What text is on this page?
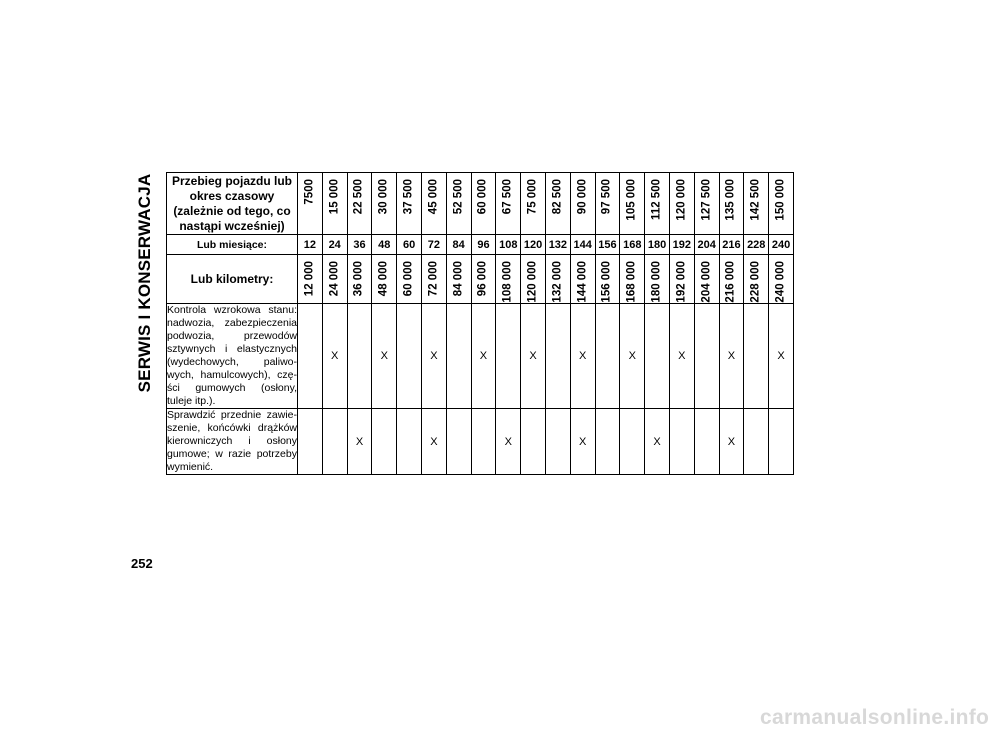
SERWIS I KONSERWACJA Przebieg pojazdu lub okres czasowy (zależnie od tego, co nastąpi wcześniej)	7500	15 000	22 500	30 000	37 500	45 000	52 500	60 000	67 500	75 000	82 500	90 000	97 500	105 000	112 500	120 000	127 500	135 000	142 500	150 000

Lub miesiące:	12	24	36	48	60	72	84	96	108	120	132	144	156	168	180	192	204	216	228	240
Lub kilometry:	12 000	24 000	36 000	48 000	60 000	72 000	84 000	96 000	108 000	120 000	132 000	144 000	156 000	168 000	180 000	192 000	204 000	216 000	228 000	240 000

Kontrola wzrokowa stanu: nadwozia, zabezpieczenia podwozia, przewodów sztywnych i elastycznych (wydechowych, paliwo- wych, hamulcowych), czę- ści gumowych (osłony, tuleje itp.).		X		X		X		X		X		X		X		X		X		X
Sprawdzić przednie zawie- szenie, końcówki drążków kierowniczych i osłony gumowe; w razie potrzeby wymienić.			X			X			X			X			X			X		
252
carmanualsonline.info
